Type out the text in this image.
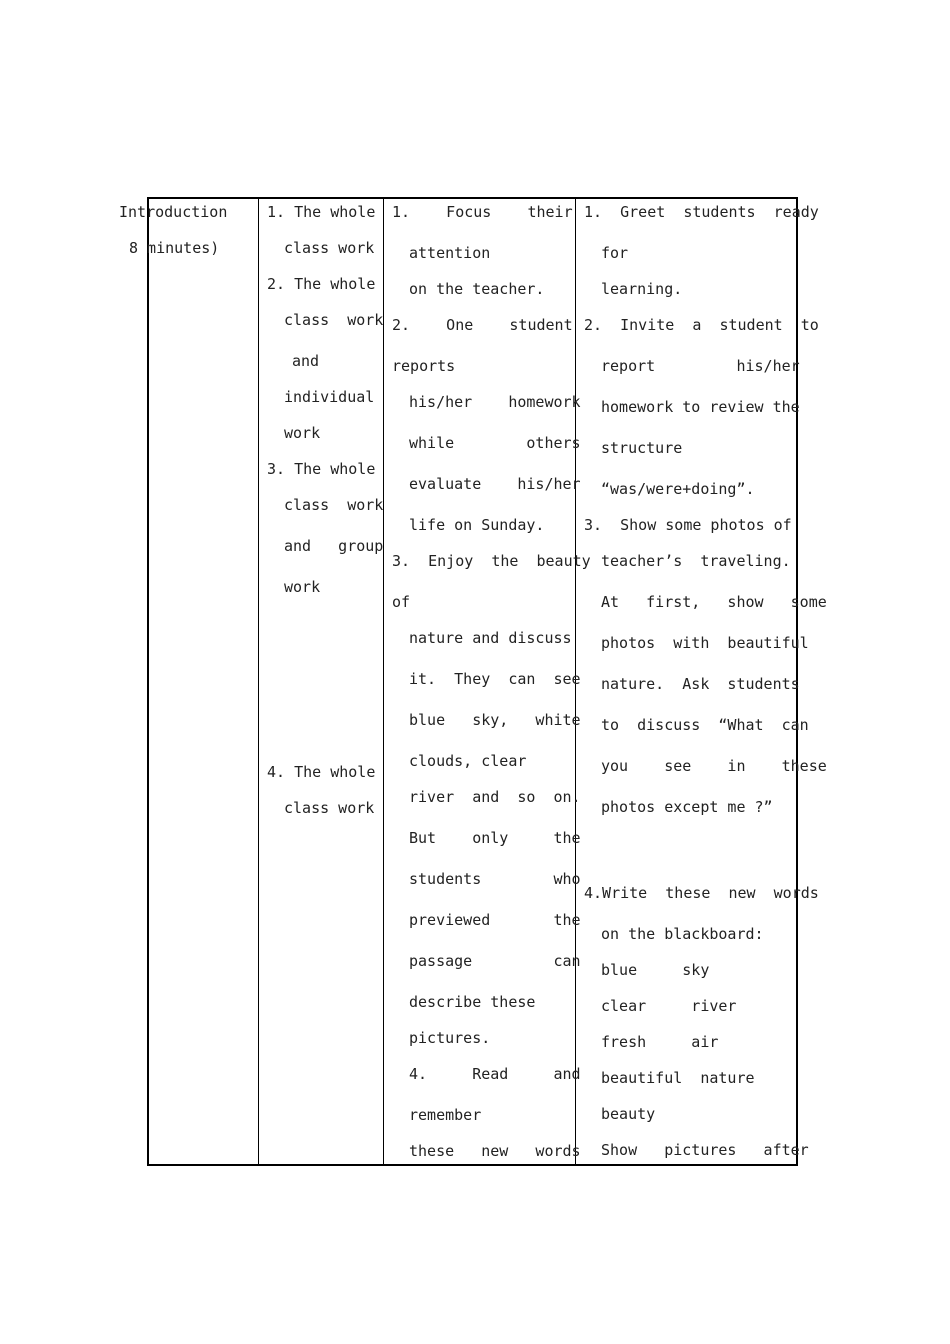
Introduction
8 minutes)
1. The whole
class work
2. The whole
class  work
and
individual
work
3. The whole
class  work
and   group
work
4. The whole
class work
1.    Focus    their
attention
on the teacher.
2.    One    student
reports
his/her    homework
while        others
evaluate    his/her
life on Sunday.
3.  Enjoy  the  beauty
of
nature and discuss
it.  They  can  see
blue   sky,   white
clouds, clear
river  and  so  on.
But    only     the
students        who
previewed       the
passage         can
describe these
pictures.
4.     Read     and
remember
these   new   words
1.  Greet  students  ready
for
learning.
2.  Invite  a  student  to
report         his/her
homework to review the
structure
“was/were+doing”.
3.  Show some photos of
teacher’s  traveling.
At   first,   show   some
photos  with  beautiful
nature.  Ask  students
to  discuss  “What  can
you    see    in    these
photos except me ?”
4.Write  these  new  words
on the blackboard:
blue     sky
clear     river
fresh     air
beautiful  nature
beauty
Show   pictures   after
